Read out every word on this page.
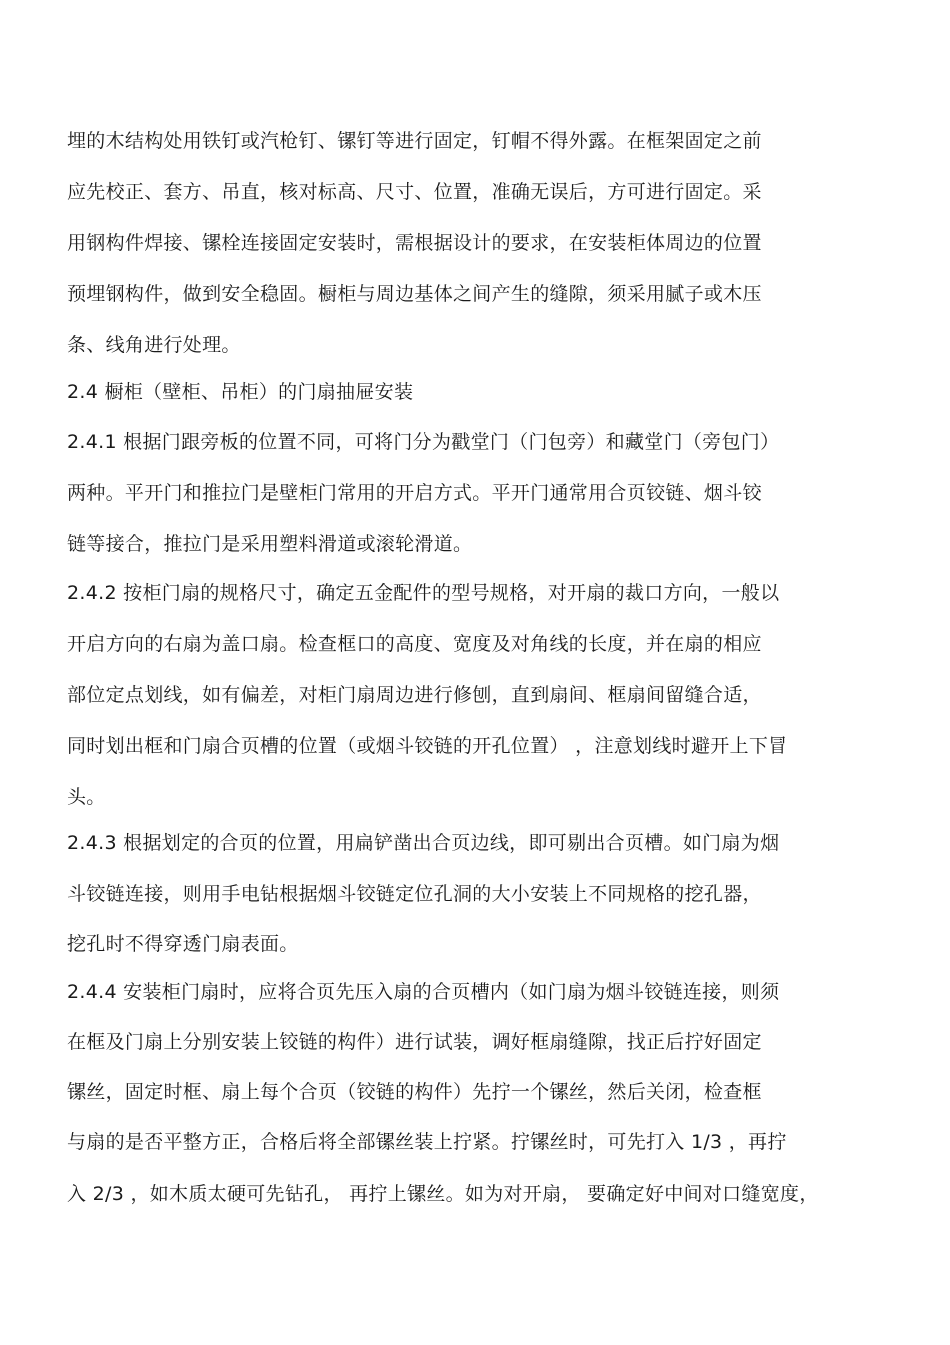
埋的木结构处用铁钉或汽枪钉、镙钉等进行固定，钉帽不得外露。在框架固定之前
应先校正、套方、吊直，核对标高、尺寸、位置，准确无误后，方可进行固定。采
用钢构件焊接、镙栓连接固定安装时，需根据设计的要求，在安装柜体周边的位置
预埋钢构件，做到安全稳固。橱柜与周边基体之间产生的缝隙，须采用腻子或木压
条、线角进行处理。
2.4 橱柜（壁柜、吊柜）的门扇抽屉安装
2.4.1 根据门跟旁板的位置不同，可将门分为戳堂门（门包旁）和藏堂门（旁包门）
两种。平开门和推拉门是壁柜门常用的开启方式。平开门通常用合页铰链、烟斗铰
链等接合，推拉门是采用塑料滑道或滚轮滑道。
2.4.2 按柜门扇的规格尺寸，确定五金配件的型号规格，对开扇的裁口方向，一般以
开启方向的右扇为盖口扇。检查框口的高度、宽度及对角线的长度，并在扇的相应
部位定点划线，如有偏差，对柜门扇周边进行修刨，直到扇间、框扇间留缝合适，
同时划出框和门扇合页槽的位置（或烟斗铰链的开孔位置） ，注意划线时避开上下冒
头。
2.4.3 根据划定的合页的位置，用扁铲凿出合页边线，即可剔出合页槽。如门扇为烟
斗铰链连接，则用手电钻根据烟斗铰链定位孔洞的大小安装上不同规格的挖孔器，
挖孔时不得穿透门扇表面。
2.4.4 安装柜门扇时，应将合页先压入扇的合页槽内（如门扇为烟斗铰链连接，则须
在框及门扇上分别安装上铰链的构件）进行试装，调好框扇缝隙，找正后拧好固定
镙丝，固定时框、扇上每个合页（铰链的构件）先拧一个镙丝，然后关闭，检查框
与扇的是否平整方正，合格后将全部镙丝装上拧紧。拧镙丝时，可先打入 1/3 ，再拧
入 2/3 ，如木质太硬可先钻孔， 再拧上镙丝。如为对开扇， 要确定好中间对口缝宽度，
